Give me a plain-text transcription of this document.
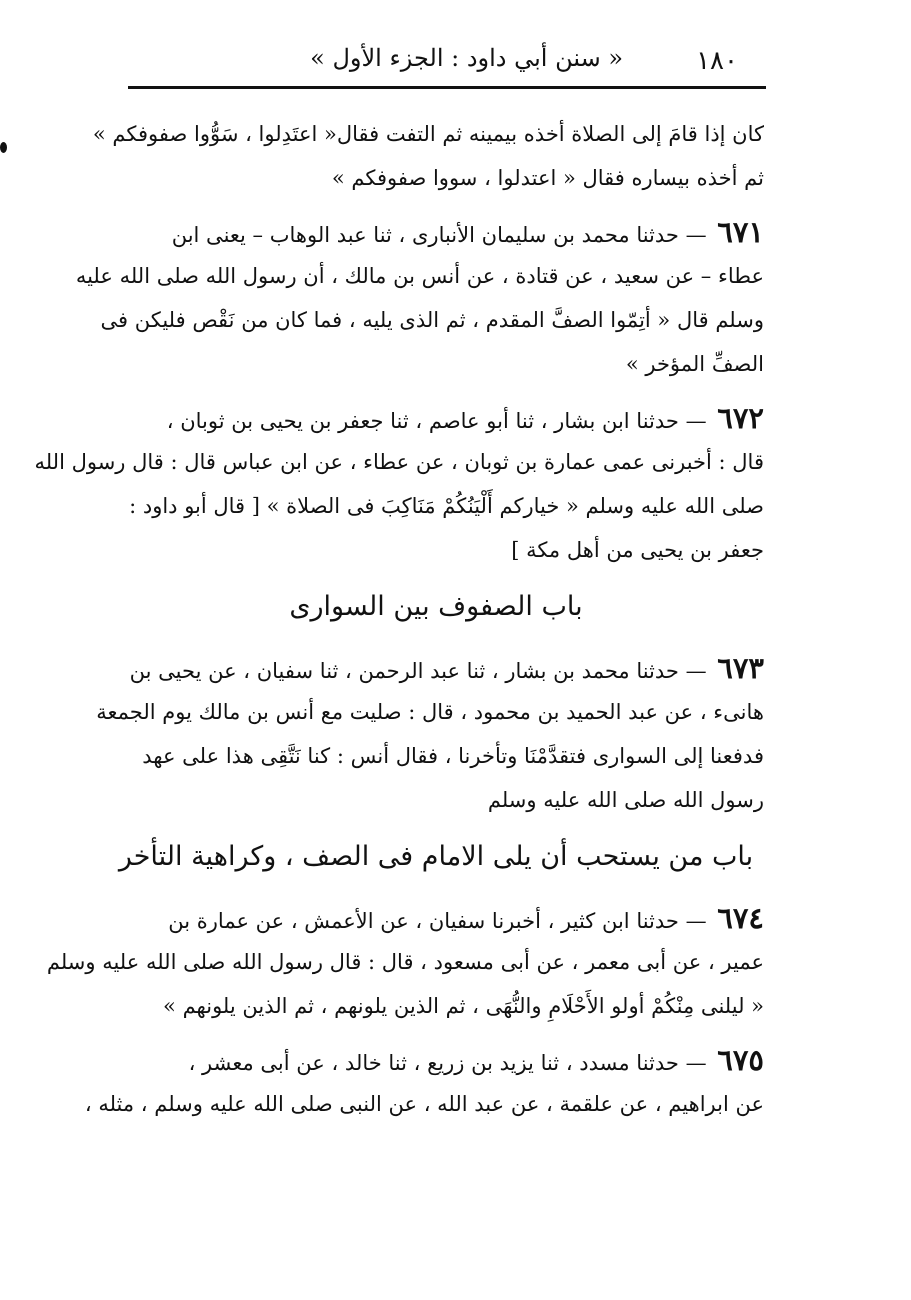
١٨٠
« سنن أبي داود : الجزء الأول »
كان إذا قامَ إلى الصلاة أخذه بيمينه ثم التفت فقال« اعتَدِلوا ، سَوُّوا صفوفكم »
ثم أخذه بيساره فقال « اعتدلوا ، سووا صفوفكم »
٦٧١ — حدثنا محمد بن سليمان الأنبارى ، ثنا عبد الوهاب – يعنى ابن
عطاء – عن سعيد ، عن قتادة ، عن أنس بن مالك ، أن رسول الله صلى الله عليه
وسلم قال « أتِمّوا الصفَّ المقدم ، ثم الذى يليه ، فما كان من نَقْص فليكن فى
الصفِّ المؤخر »
٦٧٢ — حدثنا ابن بشار ، ثنا أبو عاصم ، ثنا جعفر بن يحيى بن ثوبان ،
قال : أخبرنى عمى عمارة بن ثوبان ، عن عطاء ، عن ابن عباس قال : قال رسول الله
صلى الله عليه وسلم « خياركم أَلْيَنُكُمْ مَنَاكِبَ فى الصلاة » [ قال أبو داود :
جعفر بن يحيى من أهل مكة ]
باب الصفوف بين السوارى
٦٧٣ — حدثنا محمد بن بشار ، ثنا عبد الرحمن ، ثنا سفيان ، عن يحيى بن
هانىء ، عن عبد الحميد بن محمود ، قال : صليت مع أنس بن مالك يوم الجمعة
فدفعنا إلى السوارى فتقدَّمْنَا وتأخرنا ، فقال أنس : كنا نَتَّقِى هذا على عهد
رسول الله صلى الله عليه وسلم
باب من يستحب أن يلى الامام فى الصف ، وكراهية التأخر
٦٧٤ — حدثنا ابن كثير ، أخبرنا سفيان ، عن الأعمش ، عن عمارة بن
عمير ، عن أبى معمر ، عن أبى مسعود ، قال : قال رسول الله صلى الله عليه وسلم
« ليلنى مِنْكُمْ أولو الأَحْلَامِ والنُّهَى ، ثم الذين يلونهم ، ثم الذين يلونهم »
٦٧٥ — حدثنا مسدد ، ثنا يزيد بن زريع ، ثنا خالد ، عن أبى معشر ،
عن ابراهيم ، عن علقمة ، عن عبد الله ، عن النبى صلى الله عليه وسلم ، مثله ،
